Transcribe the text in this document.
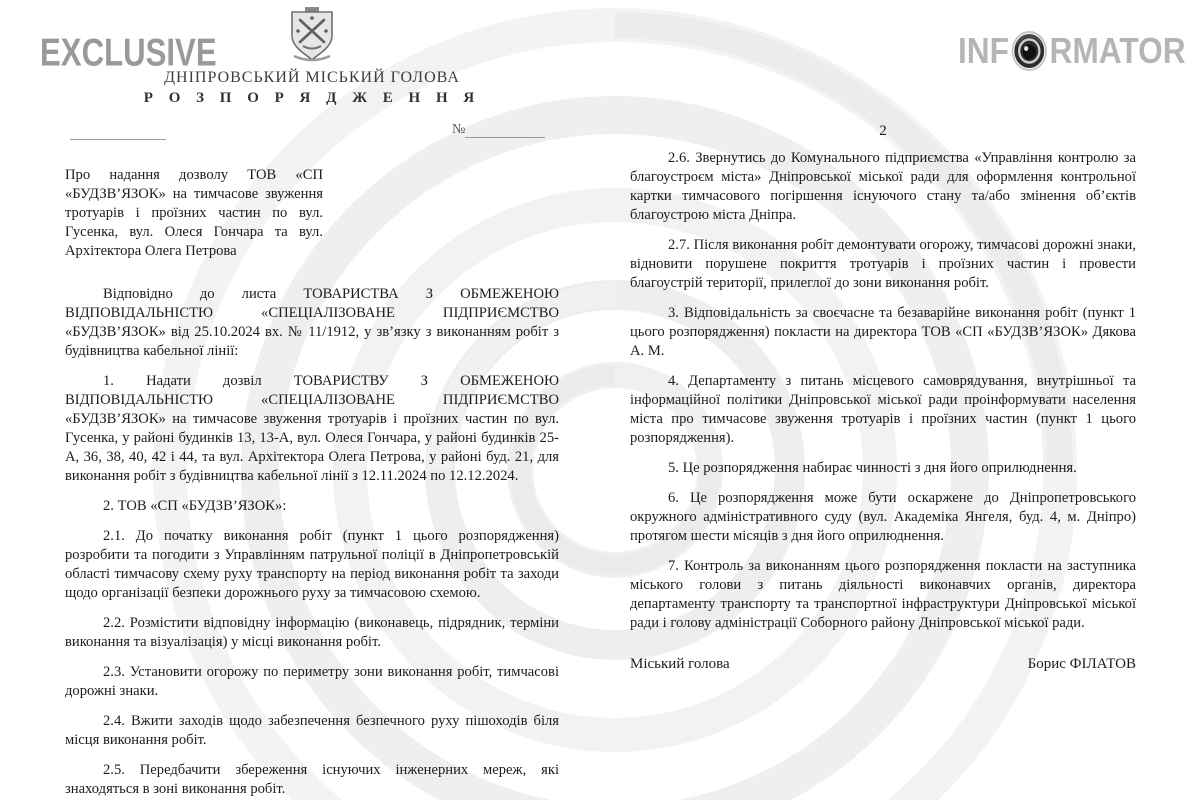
EXCLUSIVE	INF RMATOR
ДНІПРОВСЬКИЙ МІСЬКИЙ ГОЛОВА
Р О З П О Р Я Д Ж Е Н Н Я
№

Про надання дозволу ТОВ «СП «БУДЗВ’ЯЗОК» на тимчасове звуження тротуарів і проїзних частин по вул. Гусенка, вул. Олеся Гончара та вул. Архітектора Олега Петрова

Відповідно до листа ТОВАРИСТВА З ОБМЕЖЕНОЮ ВІДПОВІДАЛЬНІСТЮ «СПЕЦІАЛІЗОВАНЕ ПІДПРИЄМСТВО «БУДЗВ’ЯЗОК» від 25.10.2024 вх. № 11/1912, у зв’язку з виконанням робіт з будівництва кабельної лінії:

1. Надати дозвіл ТОВАРИСТВУ З ОБМЕЖЕНОЮ ВІДПОВІДАЛЬНІСТЮ «СПЕЦІАЛІЗОВАНЕ ПІДПРИЄМСТВО «БУДЗВ’ЯЗОК» на тимчасове звуження тротуарів і проїзних частин по вул. Гусенка, у районі будинків 13, 13-А, вул. Олеся Гончара, у районі будинків 25-А, 36, 38, 40, 42 і 44, та вул. Архітектора Олега Петрова, у районі буд. 21, для виконання робіт з будівництва кабельної лінії з 12.11.2024 по 12.12.2024.

2. ТОВ «СП «БУДЗВ’ЯЗОК»:

2.1. До початку виконання робіт (пункт 1 цього розпорядження) розробити та погодити з Управлінням патрульної поліції в Дніпропетровській області тимчасову схему руху транспорту на період виконання робіт та заходи щодо організації безпеки дорожнього руху за тимчасовою схемою.

2.2. Розмістити відповідну інформацію (виконавець, підрядник, терміни виконання та візуалізація) у місці виконання робіт.

2.3. Установити огорожу по периметру зони виконання робіт, тимчасові дорожні знаки.

2.4. Вжити заходів щодо забезпечення безпечного руху пішоходів біля місця виконання робіт.

2.5. Передбачити збереження існуючих інженерних мереж, які знаходяться в зоні виконання робіт.

2

2.6. Звернутись до Комунального підприємства «Управління контролю за благоустроєм міста» Дніпровської міської ради для оформлення контрольної картки тимчасового погіршення існуючого стану та/або змінення об’єктів благоустрою міста Дніпра.

2.7. Після виконання робіт демонтувати огорожу, тимчасові дорожні знаки, відновити порушене покриття тротуарів і проїзних частин і провести благоустрій території, прилеглої до зони виконання робіт.

3. Відповідальність за своєчасне та безаварійне виконання робіт (пункт 1 цього розпорядження) покласти на директора ТОВ «СП «БУДЗВ’ЯЗОК» Дякова А. М.

4. Департаменту з питань місцевого самоврядування, внутрішньої та інформаційної політики Дніпровської міської ради проінформувати населення міста про тимчасове звуження тротуарів і проїзних частин (пункт 1 цього розпорядження).

5. Це розпорядження набирає чинності з дня його оприлюднення.

6. Це розпорядження може бути оскаржене до Дніпропетровського окружного адміністративного суду (вул. Академіка Янгеля, буд. 4, м. Дніпро) протягом шести місяців з дня його оприлюднення.

7. Контроль за виконанням цього розпорядження покласти на заступника міського голови з питань діяльності виконавчих органів, директора департаменту транспорту та транспортної інфраструктури Дніпровської міської ради і голову адміністрації Соборного району Дніпровської міської ради.

Міський голова	Борис ФІЛАТОВ
